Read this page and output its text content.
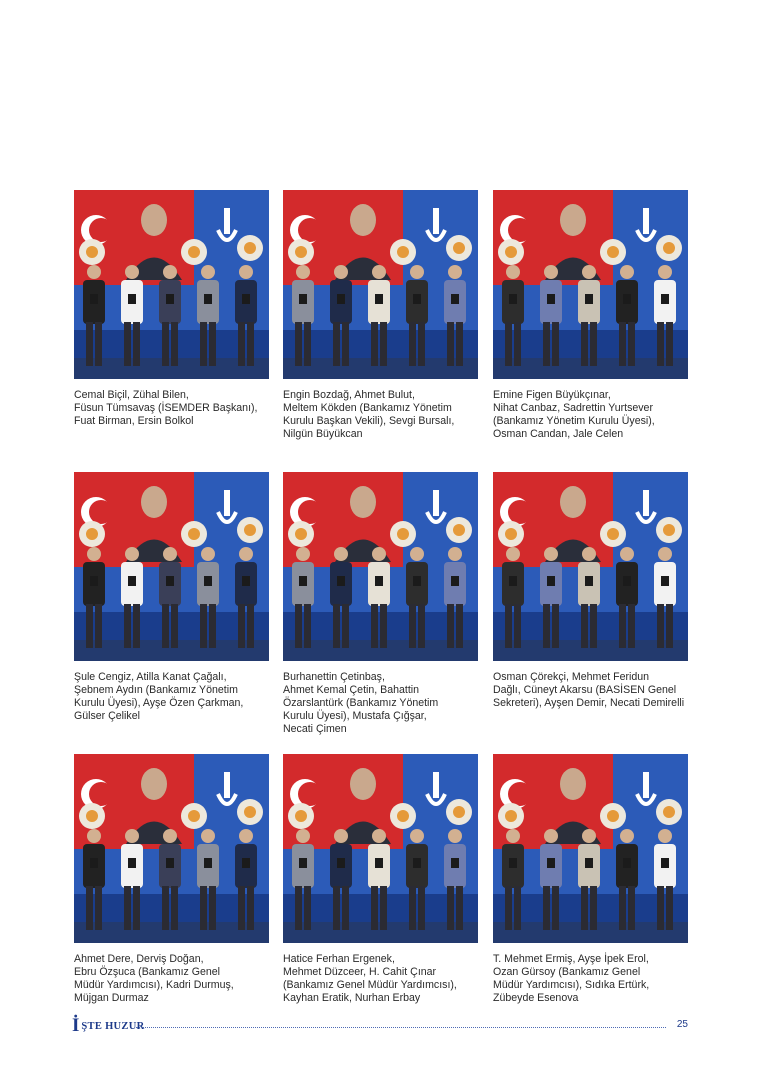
Cemal Biçil, Zühal Bilen,
Füsun Tümsavaş (İSEMDER Başkanı),
Fuat Birman, Ersin Bolkol
Engin Bozdağ, Ahmet Bulut,
Meltem Kökden (Bankamız Yönetim
Kurulu Başkan Vekili), Sevgi Bursalı,
Nilgün Büyükcan
Emine Figen Büyükçınar,
Nihat Canbaz, Sadrettin Yurtsever
(Bankamız Yönetim Kurulu Üyesi),
Osman Candan, Jale Celen
Şule Cengiz, Atilla Kanat Çağalı,
Şebnem Aydın (Bankamız Yönetim
Kurulu Üyesi), Ayşe Özen Çarkman,
Gülser Çelikel
Burhanettin Çetinbaş,
Ahmet Kemal Çetin, Bahattin
Özarslantürk (Bankamız Yönetim
Kurulu Üyesi), Mustafa Çığşar,
Necati Çimen
Osman Çörekçi, Mehmet Feridun
Dağlı, Cüneyt Akarsu (BASİSEN Genel
Sekreteri), Ayşen Demir, Necati Demirelli
Ahmet Dere, Derviş Doğan,
Ebru Özşuca (Bankamız Genel
Müdür Yardımcısı), Kadri Durmuş,
Müjgan Durmaz
Hatice Ferhan Ergenek,
Mehmet Düzceer, H. Cahit Çınar
(Bankamız Genel Müdür Yardımcısı),
Kayhan Eratik, Nurhan Erbay
T. Mehmet Ermiş, Ayşe İpek Erol,
Ozan Gürsoy (Bankamız Genel
Müdür Yardımcısı), Sıdıka Ertürk,
Zübeyde Esenova
İ ŞTE HUZUR	25
